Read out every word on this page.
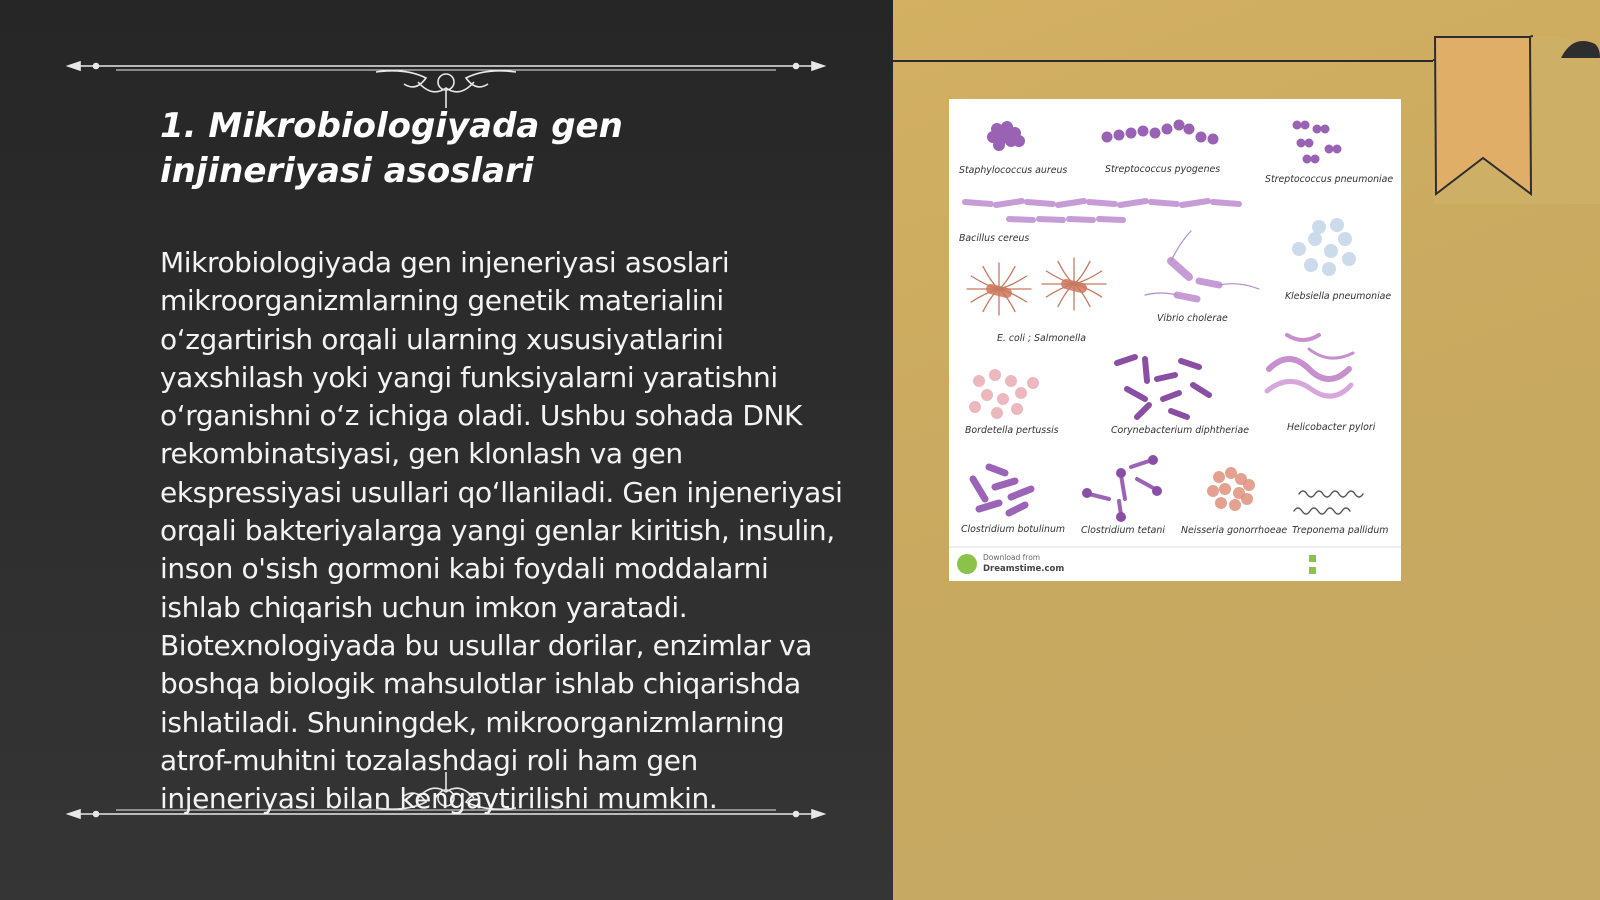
1. Mikrobiologiyada gen injineriyasi asoslari

Mikrobiologiyada gen injeneriyasi asoslari mikroorganizmlarning genetik materialini o‘zgartirish orqali ularning xususiyatlarini yaxshilash yoki yangi funksiyalarni yaratishni o‘rganishni o‘z ichiga oladi. Ushbu sohada DNK rekombinatsiyasi, gen klonlash va gen ekspressiyasi usullari qo‘llaniladi. Gen injeneriyasi orqali bakteriyalarga yangi genlar kiritish, insulin, inson o'sish gormoni kabi foydali moddalarni ishlab chiqarish uchun imkon yaratadi. Biotexnologiyada bu usullar dorilar, enzimlar va boshqa biologik mahsulotlar ishlab chiqarishda ishlatiladi. Shuningdek, mikroorganizmlarning atrof-muhitni tozalashdagi roli ham gen injeneriyasi bilan kengaytirilishi mumkin.

Staphylococcus aureus	Streptococcus pyogenes
Streptococcus pneumoniae
Bacillus cereus
E. coli ; Salmonella
Vibrio cholerae
Klebsiella pneumoniae
Bordetella pertussis	Corynebacterium diphtheriae	Helicobacter pylori
Clostridium botulinum Clostridium tetani Neisseria gonorrhoeae Treponema pallidum
Download from
Dreamstime.com
